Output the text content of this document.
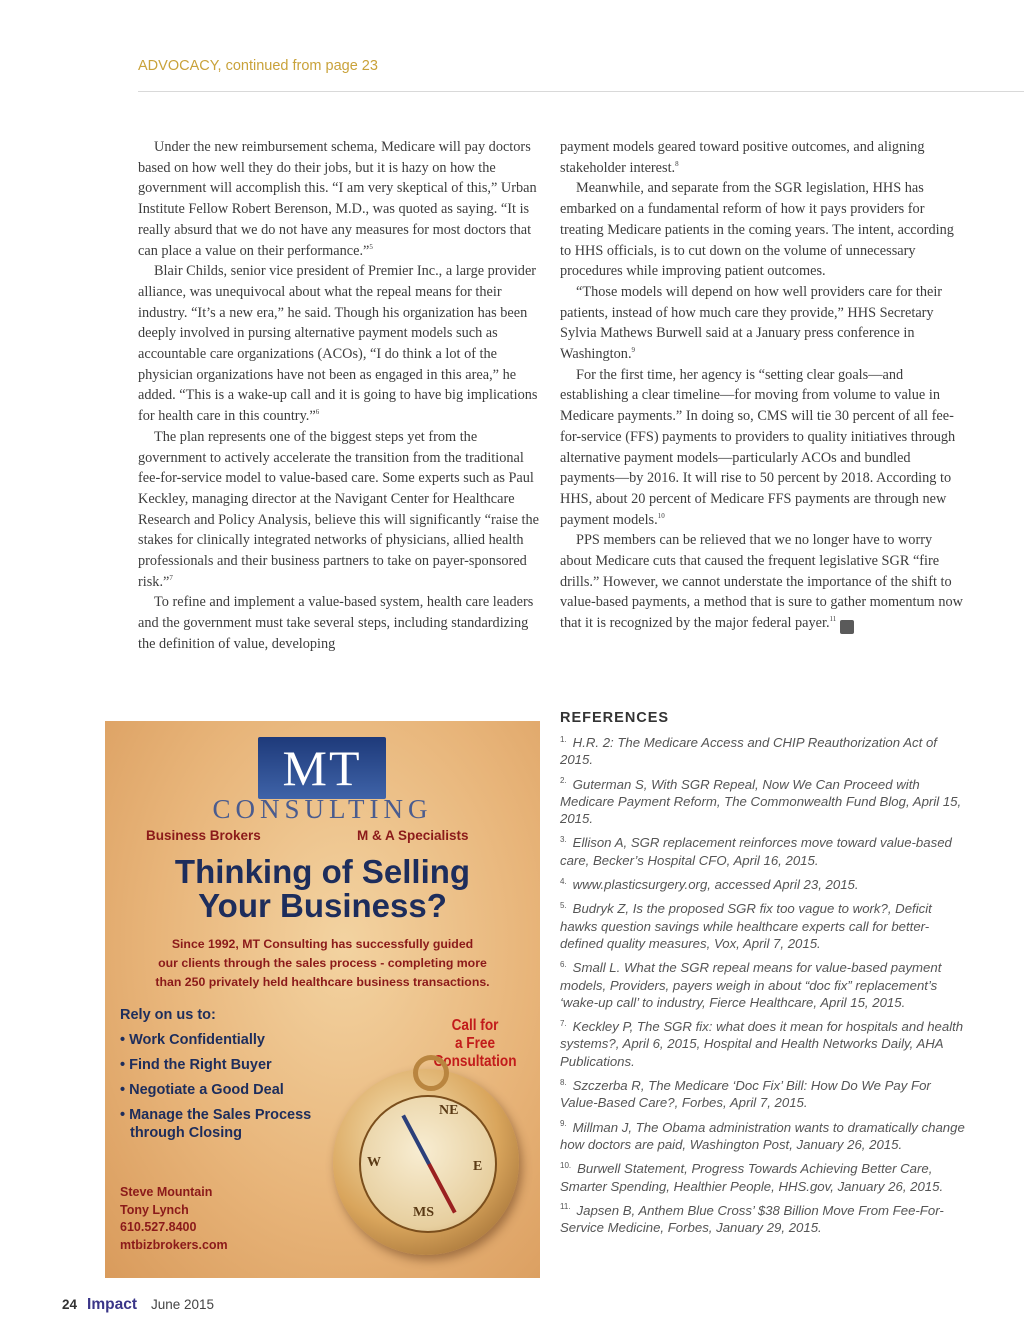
ADVOCACY, continued from page 23

Under the new reimbursement schema, Medicare will pay doctors based on how well they do their jobs, but it is hazy on how the government will accomplish this. “I am very skeptical of this,” Urban Institute Fellow Robert Berenson, M.D., was quoted as saying. “It is really absurd that we do not have any measures for most doctors that can place a value on their performance.”$^5$

Blair Childs, senior vice president of Premier Inc., a large provider alliance, was unequivocal about what the repeal means for their industry. “It’s a new era,” he said. Though his organization has been deeply involved in pursing alternative payment models such as accountable care organizations (ACOs), “I do think a lot of the physician organizations have not been as engaged in this area,” he added. “This is a wake-up call and it is going to have big implications for health care in this country.”$^6$

The plan represents one of the biggest steps yet from the government to actively accelerate the transition from the traditional fee-for-service model to value-based care. Some experts such as Paul Keckley, managing director at the Navigant Center for Healthcare Research and Policy Analysis, believe this will significantly “raise the stakes for clinically integrated networks of physicians, allied health professionals and their business partners to take on payer-sponsored risk.”$^7$

To refine and implement a value-based system, health care leaders and the government must take several steps, including standardizing the definition of value, developing

payment models geared toward positive outcomes, and aligning stakeholder interest.$^8$

Meanwhile, and separate from the SGR legislation, HHS has embarked on a fundamental reform of how it pays providers for treating Medicare patients in the coming years. The intent, according to HHS officials, is to cut down on the volume of unnecessary procedures while improving patient outcomes.

“Those models will depend on how well providers care for their patients, instead of how much care they provide,” HHS Secretary Sylvia Mathews Burwell said at a January press conference in Washington.$^9$

For the first time, her agency is “setting clear goals—and establishing a clear timeline—for moving from volume to value in Medicare payments.” In doing so, CMS will tie 30 percent of all fee-for-service (FFS) payments to providers to quality initiatives through alternative payment models—particularly ACOs and bundled payments—by 2016. It will rise to 50 percent by 2018. According to HHS, about 20 percent of Medicare FFS payments are through new payment models.$^{10}$

PPS members can be relieved that we no longer have to worry about Medicare cuts that caused the frequent legislative SGR “fire drills.” However, we cannot understate the importance of the shift to value-based payments, a method that is sure to gather momentum now that it is recognized by the major federal payer.$^{11}$I

REFERENCES
$^{1.}$ H.R. 2: The Medicare Access and CHIP Reauthorization Act of 2015.
$^{2.}$ Guterman S, With SGR Repeal, Now We Can Proceed with Medicare Payment Reform, The Commonwealth Fund Blog, April 15, 2015.
$^{3.}$ Ellison A, SGR replacement reinforces move toward value-based care, Becker’s Hospital CFO, April 16, 2015.
$^{4.}$ www.plasticsurgery.org, accessed April 23, 2015.
$^{5.}$ Budryk Z, Is the proposed SGR fix too vague to work?, Deficit hawks question savings while healthcare experts call for better-defined quality measures, Vox, April 7, 2015.
$^{6.}$ Small L. What the SGR repeal means for value-based payment models, Providers, payers weigh in about “doc fix” replacement’s ‘wake-up call’ to industry, Fierce Healthcare, April 15, 2015.
$^{7.}$ Keckley P, The SGR fix: what does it mean for hospitals and health systems?, April 6, 2015, Hospital and Health Networks Daily, AHA Publications.
$^{8.}$ Szczerba R, The Medicare ‘Doc Fix’ Bill: How Do We Pay For Value-Based Care?, Forbes, April 7, 2015.
$^{9.}$ Millman J, The Obama administration wants to dramatically change how doctors are paid, Washington Post, January 26, 2015.
$^{10.}$ Burwell Statement, Progress Towards Achieving Better Care, Smarter Spending, Healthier People, HHS.gov, January 26, 2015.
$^{11.}$ Japsen B, Anthem Blue Cross’ $38 Billion Move From Fee-For-Service Medicine, Forbes, January 29, 2015.
MT
CONSULTING
Business Brokers	M & A Specialists
Thinking of Selling
Your Business?
Since 1992, MT Consulting has successfully guided
our clients through the sales process - completing more
than 250 privately held healthcare business transactions.
Rely on us to:
• Work Confidentially
• Find the Right Buyer
• Negotiate a Good Deal
• Manage the Sales Process through Closing
Call for
a Free
Consultation
NE
W	E
MS
Steve Mountain
Tony Lynch
610.527.8400
mtbizbrokers.com
24 Impact June 2015
